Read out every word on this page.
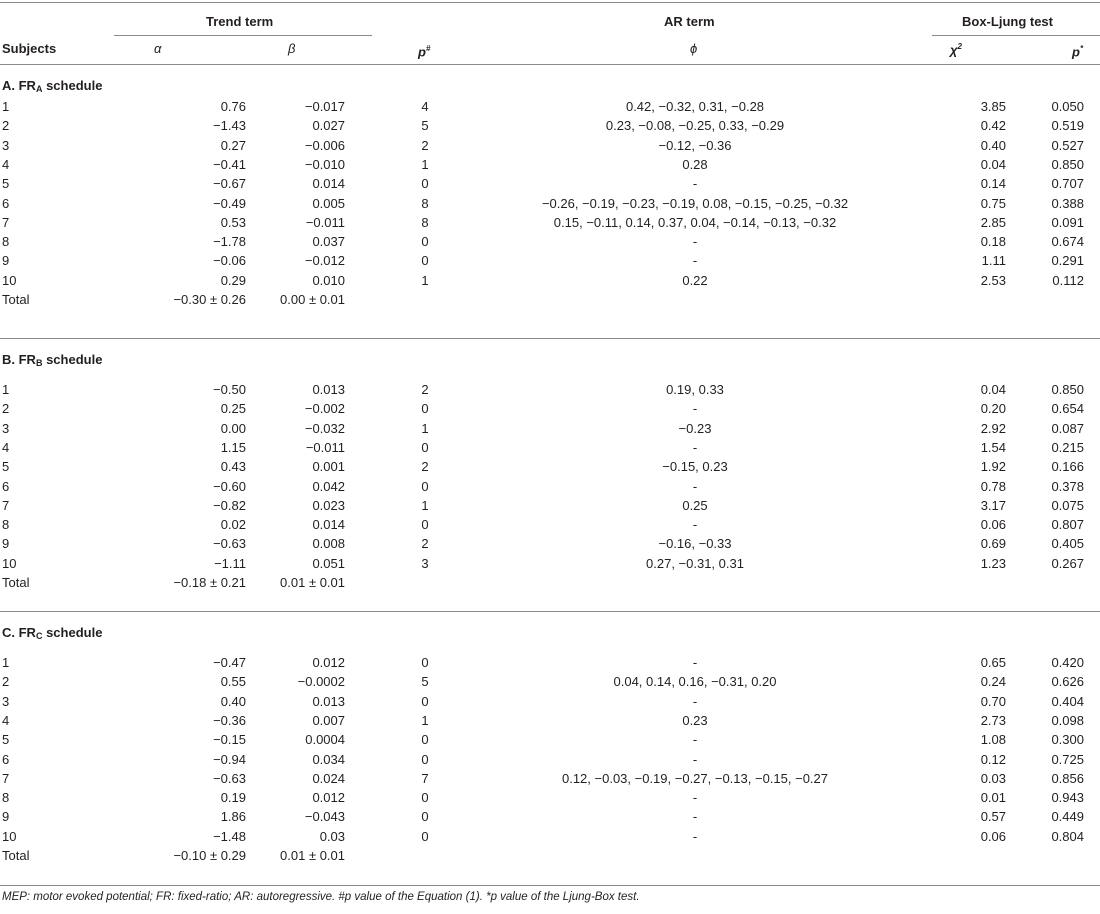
Trend term	AR term	Box-Ljung test
Subjects	α	β	p#	ϕ	$\chi^2$	p*
A. $FR_A$ schedule
1	0.76	−0.017	4	0.42, −0.32, 0.31, −0.28	3.85	0.050
2	−1.43	0.027	5	0.23, −0.08, −0.25, 0.33, −0.29	0.42	0.519
3	0.27	−0.006	2	−0.12, −0.36	0.40	0.527
4	−0.41	−0.010	1	0.28	0.04	0.850
5	−0.67	0.014	0	-	0.14	0.707
6	−0.49	0.005	8	−0.26, −0.19, −0.23, −0.19, 0.08, −0.15, −0.25, −0.32	0.75	0.388
7	0.53	−0.011	8	0.15, −0.11, 0.14, 0.37, 0.04, −0.14, −0.13, −0.32	2.85	0.091
8	−1.78	0.037	0	-	0.18	0.674
9	−0.06	−0.012	0	-	1.11	0.291
10	0.29	0.010	1	0.22	2.53	0.112
Total	−0.30 ± 0.26	0.00 ± 0.01
B. $FR_B$ schedule
1	−0.50	0.013	2	0.19, 0.33	0.04	0.850
2	0.25	−0.002	0	-	0.20	0.654
3	0.00	−0.032	1	−0.23	2.92	0.087
4	1.15	−0.011	0	-	1.54	0.215
5	0.43	0.001	2	−0.15, 0.23	1.92	0.166
6	−0.60	0.042	0	-	0.78	0.378
7	−0.82	0.023	1	0.25	3.17	0.075
8	0.02	0.014	0	-	0.06	0.807
9	−0.63	0.008	2	−0.16, −0.33	0.69	0.405
10	−1.11	0.051	3	0.27, −0.31, 0.31	1.23	0.267
Total	−0.18 ± 0.21	0.01 ± 0.01
C. $FR_C$ schedule
1	−0.47	0.012	0	-	0.65	0.420
2	0.55	−0.0002	5	0.04, 0.14, 0.16, −0.31, 0.20	0.24	0.626
3	0.40	0.013	0	-	0.70	0.404
4	−0.36	0.007	1	0.23	2.73	0.098
5	−0.15	0.0004	0	-	1.08	0.300
6	−0.94	0.034	0	-	0.12	0.725
7	−0.63	0.024	7	0.12, −0.03, −0.19, −0.27, −0.13, −0.15, −0.27	0.03	0.856
8	0.19	0.012	0	-	0.01	0.943
9	1.86	−0.043	0	-	0.57	0.449
10	−1.48	0.03	0	-	0.06	0.804
Total	−0.10 ± 0.29	0.01 ± 0.01
MEP: motor evoked potential; FR: fixed-ratio; AR: autoregressive. #p value of the Equation (1). *p value of the Ljung-Box test.
